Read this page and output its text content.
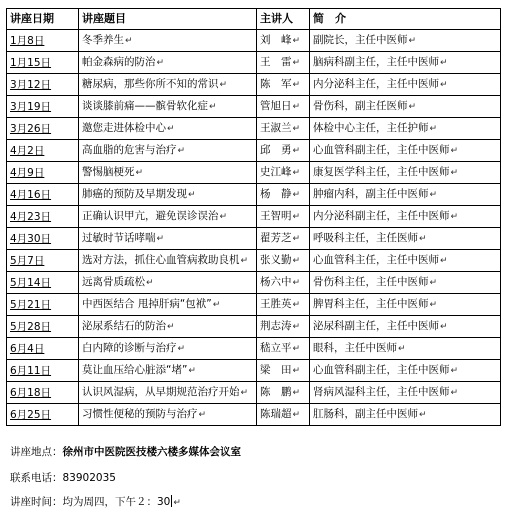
讲座日期	讲座题目	主讲人	简　介
1月8日	冬季养生↵	刘　峰↵	副院长，主任中医师↵
1月15日	帕金森病的防治↵	王　雷↵	脑病科副主任，主任中医师↵
3月12日	糖尿病，那些你所不知的常识↵	陈　军↵	内分泌科主任，主任中医师↵
3月19日	谈谈膝前痛——髌骨软化症↵	管旭日↵	骨伤科，副主任医师↵
3月26日	邀您走进体检中心↵	王淑兰↵	体检中心主任，主任护师↵
4月2日	高血脂的危害与治疗↵	邱　勇↵	心血管科副主任，主任中医师↵
4月9日	警惕脑梗死↵	史江峰↵	康复医学科主任，主任中医师↵
4月16日	肺癌的预防及早期发现↵	杨　静↵	肿瘤内科，副主任中医师↵
4月23日	正确认识甲亢，避免误诊误治↵	王智明↵	内分泌科副主任，主任中医师↵
4月30日	过敏时节话哮喘↵	翟芳芝↵	呼吸科主任，主任医师↵
5月7日	选对方法，抓住心血管病救助良机↵	张义勤↵	心血管科主任，主任中医师↵
5月14日	远离骨质疏松↵	杨六中↵	骨伤科主任，主任中医师↵
5月21日	中西医结合 甩掉肝病“包袱”↵	王胜英↵	脾胃科主任，主任中医师↵
5月28日	泌尿系结石的防治↵	荆志涛↵	泌尿科副主任，主任中医师↵
6月4日	白内障的诊断与治疗↵	嵇立平↵	眼科，主任中医师↵
6月11日	莫让血压给心脏添“堵”↵	梁　田↵	心血管科副主任，主任中医师↵
6月18日	认识风湿病，从早期规范治疗开始↵	陈　鹏↵	肾病风湿科主任，主任中医师↵
6月25日	习惯性便秘的预防与治疗↵	陈瑞超↵	肛肠科，副主任中医师↵
讲座地点：徐州市中医院医技楼六楼多媒体会议室
联系电话：83902035
讲座时间：均为周四，下午２：30 ↵
